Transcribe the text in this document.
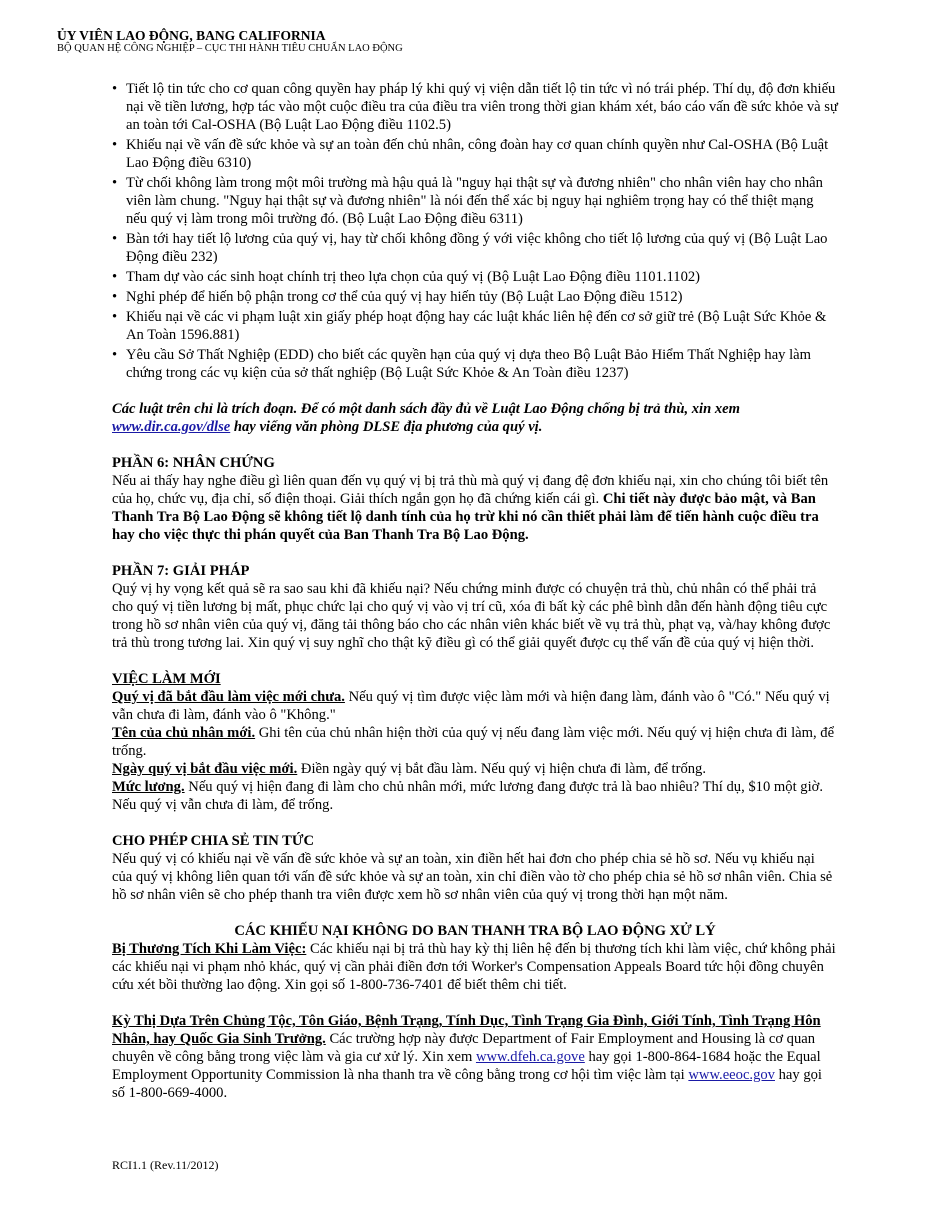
ỦY VIÊN LAO ĐỘNG, BANG CALIFORNIA
BỘ QUAN HỆ CÔNG NGHIỆP – CỤC THI HÀNH TIÊU CHUẨN LAO ĐỘNG
• Tiết lộ tin tức cho cơ quan công quyền hay pháp lý khi quý vị viện dẫn tiết lộ tin tức vì nó trái phép. Thí dụ, độ đơn khiếu nại về tiền lương, hợp tác vào một cuộc điều tra của điều tra viên trong thời gian khám xét, báo cáo vấn đề sức khỏe và sự an toàn tới Cal-OSHA (Bộ Luật Lao Động điều 1102.5)
• Khiếu nại về vấn đề sức khỏe và sự an toàn đến chủ nhân, công đoàn hay cơ quan chính quyền như Cal-OSHA (Bộ Luật Lao Động điều 6310)
• Từ chối không làm trong một môi trường mà hậu quả là "nguy hại thật sự và đương nhiên" cho nhân viên hay cho nhân viên làm chung. "Nguy hại thật sự và đương nhiên" là nói đến thể xác bị nguy hại nghiêm trọng hay có thể thiệt mạng nếu quý vị làm trong môi trường đó. (Bộ Luật Lao Động điều 6311)
• Bàn tới hay tiết lộ lương của quý vị, hay từ chối không đồng ý với việc không cho tiết lộ lương của quý vị (Bộ Luật Lao Động điều 232)
• Tham dự vào các sinh hoạt chính trị theo lựa chọn của quý vị (Bộ Luật Lao Động điều 1101.1102)
• Nghỉ phép để hiến bộ phận trong cơ thể của quý vị hay hiến tủy (Bộ Luật Lao Động điều 1512)
• Khiếu nại về các vi phạm luật xin giấy phép hoạt động hay các luật khác liên hệ đến cơ sở giữ trẻ (Bộ Luật Sức Khỏe & An Toàn 1596.881)
• Yêu cầu Sở Thất Nghiệp (EDD) cho biết các quyền hạn của quý vị dựa theo Bộ Luật Bảo Hiểm Thất Nghiệp hay làm chứng trong các vụ kiện của sở thất nghiệp (Bộ Luật Sức Khỏe & An Toàn điều 1237)

Các luật trên chỉ là trích đoạn. Để có một danh sách đầy đủ về Luật Lao Động chống bị trả thù, xin xem www.dir.ca.gov/dlse hay viếng văn phòng DLSE địa phương của quý vị.

PHẦN 6: NHÂN CHỨNG

Nếu ai thấy hay nghe điều gì liên quan đến vụ quý vị bị trả thù mà quý vị đang đệ đơn khiếu nại, xin cho chúng tôi biết tên của họ, chức vụ, địa chỉ, số điện thoại. Giải thích ngắn gọn họ đã chứng kiến cái gì. Chi tiết này được bảo mật, và Ban Thanh Tra Bộ Lao Động sẽ không tiết lộ danh tính của họ trừ khi nó cần thiết phải làm để tiến hành cuộc điều tra hay cho việc thực thi phán quyết của Ban Thanh Tra Bộ Lao Động.

PHẦN 7: GIẢI PHÁP

Quý vị hy vọng kết quả sẽ ra sao sau khi đã khiếu nại? Nếu chứng minh được có chuyện trả thù, chủ nhân có thể phải trả cho quý vị tiền lương bị mất, phục chức lại cho quý vị vào vị trí cũ, xóa đi bất kỳ các phê bình dẫn đến hành động tiêu cực trong hồ sơ nhân viên của quý vị, đăng tải thông báo cho các nhân viên khác biết về vụ trả thù, phạt vạ, và/hay không được trả thù trong tương lai. Xin quý vị suy nghĩ cho thật kỹ điều gì có thể giải quyết được cụ thể vấn đề của quý vị hiện thời.

VIỆC LÀM MỚI

Quý vị đã bắt đầu làm việc mới chưa. Nếu quý vị tìm được việc làm mới và hiện đang làm, đánh vào ô "Có." Nếu quý vị vẫn chưa đi làm, đánh vào ô "Không."

Tên của chủ nhân mới. Ghi tên của chủ nhân hiện thời của quý vị nếu đang làm việc mới. Nếu quý vị hiện chưa đi làm, để trống.

Ngày quý vị bắt đầu việc mới. Điền ngày quý vị bắt đầu làm. Nếu quý vị hiện chưa đi làm, để trống.

Mức lương. Nếu quý vị hiện đang đi làm cho chủ nhân mới, mức lương đang được trả là bao nhiêu? Thí dụ, $10 một giờ. Nếu quý vị vẫn chưa đi làm, để trống.

CHO PHÉP CHIA SẺ TIN TỨC

Nếu quý vị có khiếu nại về vấn đề sức khỏe và sự an toàn, xin điền hết hai đơn cho phép chia sẻ hồ sơ. Nếu vụ khiếu nại của quý vị không liên quan tới vấn đề sức khỏe và sự an toàn, xin chỉ điền vào tờ cho phép chia sẻ hồ sơ nhân viên. Chia sẻ hồ sơ nhân viên sẽ cho phép thanh tra viên được xem hồ sơ nhân viên của quý vị trong thời hạn một năm.

CÁC KHIẾU NẠI KHÔNG DO BAN THANH TRA BỘ LAO ĐỘNG XỬ LÝ

Bị Thương Tích Khi Làm Việc: Các khiếu nại bị trả thù hay kỳ thị liên hệ đến bị thương tích khi làm việc, chứ không phải các khiếu nại vi phạm nhỏ khác, quý vị cần phải điền đơn tới Worker's Compensation Appeals Board tức hội đồng chuyên cứu xét bồi thường lao động. Xin gọi số 1-800-736-7401 để biết thêm chi tiết.

Kỳ Thị Dựa Trên Chủng Tộc, Tôn Giáo, Bệnh Trạng, Tính Dục, Tình Trạng Gia Đình, Giới Tính, Tình Trạng Hôn Nhân, hay Quốc Gia Sinh Trưởng. Các trường hợp này được Department of Fair Employment and Housing là cơ quan chuyên về công bằng trong việc làm và gia cư xử lý. Xin xem www.dfeh.ca.gove hay gọi 1-800-864-1684 hoặc the Equal Employment Opportunity Commission là nha thanh tra về công bằng trong cơ hội tìm việc làm tại www.eeoc.gov hay gọi số 1-800-669-4000.

RCI1.1 (Rev.11/2012)
